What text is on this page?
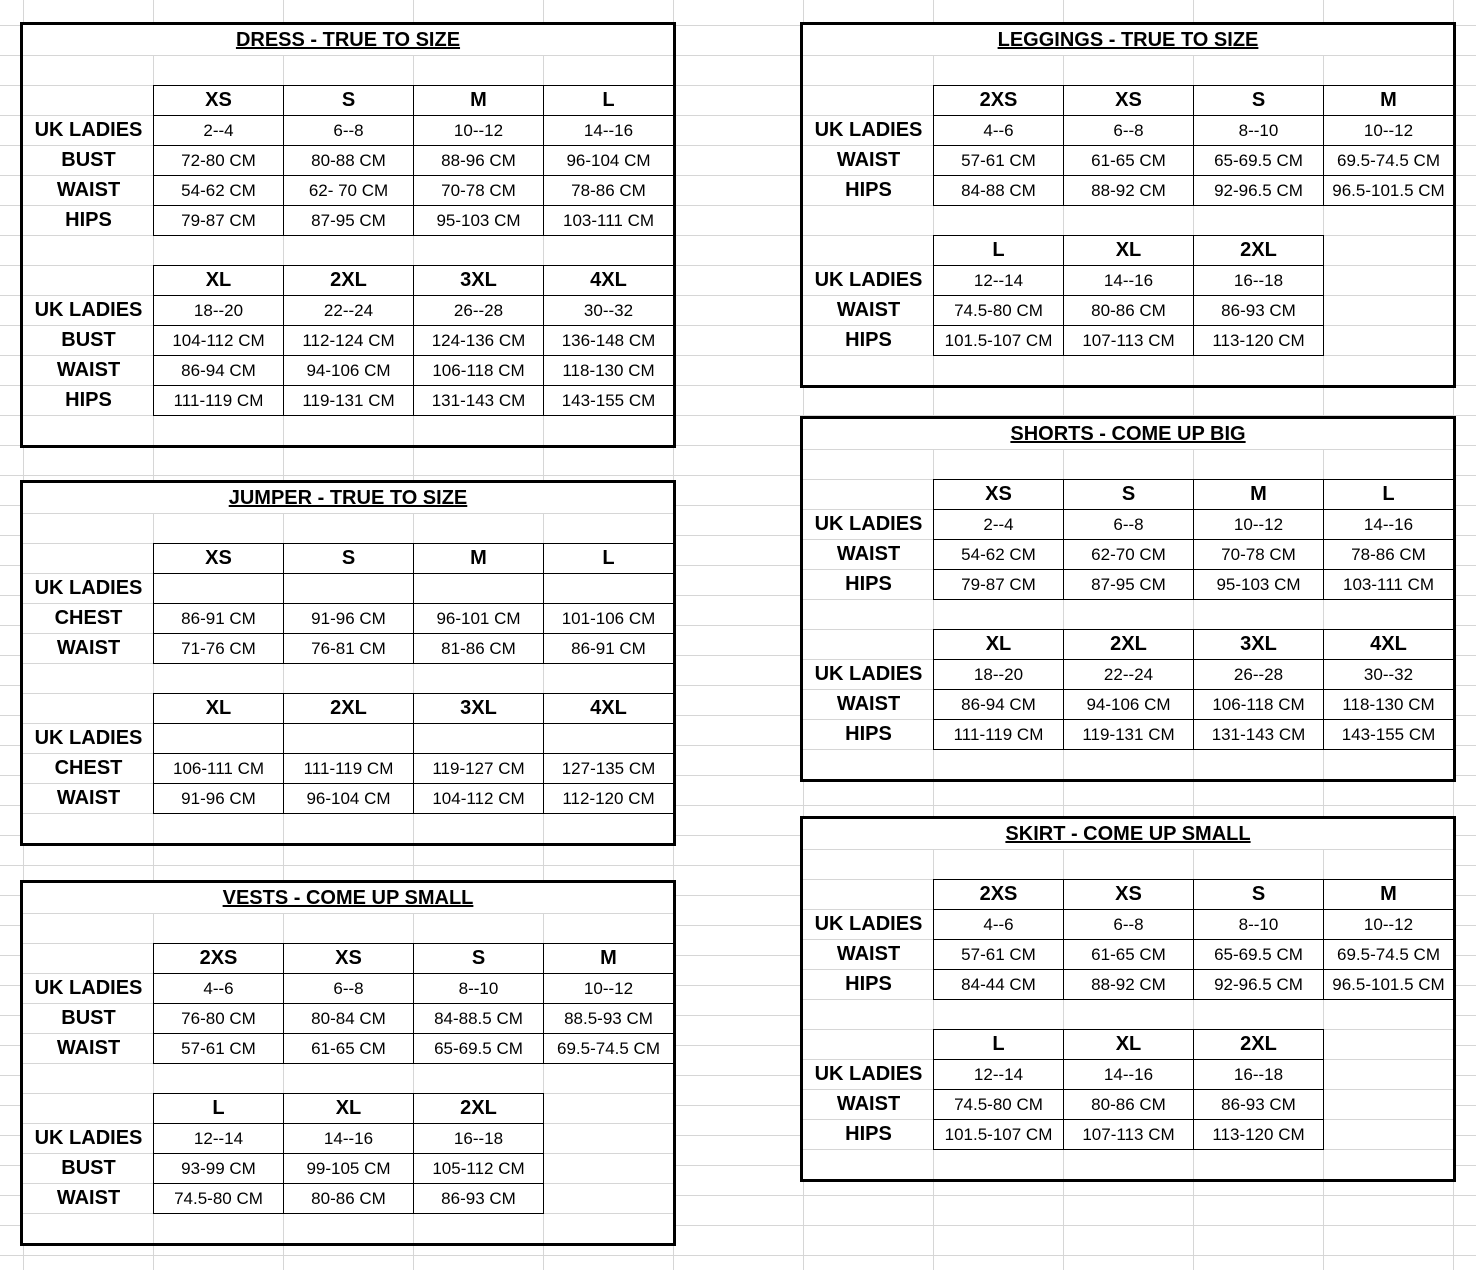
DRESS - TRUE TO SIZE
XS	S	M	L
UK LADIES	2--4	6--8	10--12	14--16
BUST	72-80 CM	80-88 CM	88-96 CM	96-104 CM
WAIST	54-62 CM	62- 70 CM	70-78 CM	78-86 CM
HIPS	79-87 CM	87-95 CM	95-103 CM	103-111 CM
XL	2XL	3XL	4XL
UK LADIES	18--20	22--24	26--28	30--32
BUST	104-112 CM	112-124 CM	124-136 CM	136-148 CM
WAIST	86-94 CM	94-106 CM	106-118 CM	118-130 CM
HIPS	111-119 CM	119-131 CM	131-143 CM	143-155 CM
JUMPER - TRUE TO SIZE
XS	S	M	L
UK LADIES
CHEST	86-91 CM	91-96 CM	96-101 CM	101-106 CM
WAIST	71-76 CM	76-81 CM	81-86 CM	86-91 CM
XL	2XL	3XL	4XL
UK LADIES
CHEST	106-111 CM	111-119 CM	119-127 CM	127-135 CM
WAIST	91-96 CM	96-104 CM	104-112 CM	112-120 CM
VESTS - COME UP SMALL
2XS	XS	S	M
UK LADIES	4--6	6--8	8--10	10--12
BUST	76-80 CM	80-84 CM	84-88.5 CM	88.5-93 CM
WAIST	57-61 CM	61-65 CM	65-69.5 CM	69.5-74.5 CM
L	XL	2XL
UK LADIES	12--14	14--16	16--18
BUST	93-99 CM	99-105 CM	105-112 CM
WAIST	74.5-80 CM	80-86 CM	86-93 CM
LEGGINGS - TRUE TO SIZE
2XS	XS	S	M
UK LADIES	4--6	6--8	8--10	10--12
WAIST	57-61 CM	61-65 CM	65-69.5 CM	69.5-74.5 CM
HIPS	84-88 CM	88-92 CM	92-96.5 CM	96.5-101.5 CM
L	XL	2XL
UK LADIES	12--14	14--16	16--18
WAIST	74.5-80 CM	80-86 CM	86-93 CM
HIPS	101.5-107 CM	107-113 CM	113-120 CM
SHORTS - COME UP BIG
XS	S	M	L
UK LADIES	2--4	6--8	10--12	14--16
WAIST	54-62 CM	62-70 CM	70-78 CM	78-86 CM
HIPS	79-87 CM	87-95 CM	95-103 CM	103-111 CM
XL	2XL	3XL	4XL
UK LADIES	18--20	22--24	26--28	30--32
WAIST	86-94 CM	94-106 CM	106-118 CM	118-130 CM
HIPS	111-119 CM	119-131 CM	131-143 CM	143-155 CM
SKIRT - COME UP SMALL
2XS	XS	S	M
UK LADIES	4--6	6--8	8--10	10--12
WAIST	57-61 CM	61-65 CM	65-69.5 CM	69.5-74.5 CM
HIPS	84-44 CM	88-92 CM	92-96.5 CM	96.5-101.5 CM
L	XL	2XL
UK LADIES	12--14	14--16	16--18
WAIST	74.5-80 CM	80-86 CM	86-93 CM
HIPS	101.5-107 CM	107-113 CM	113-120 CM
